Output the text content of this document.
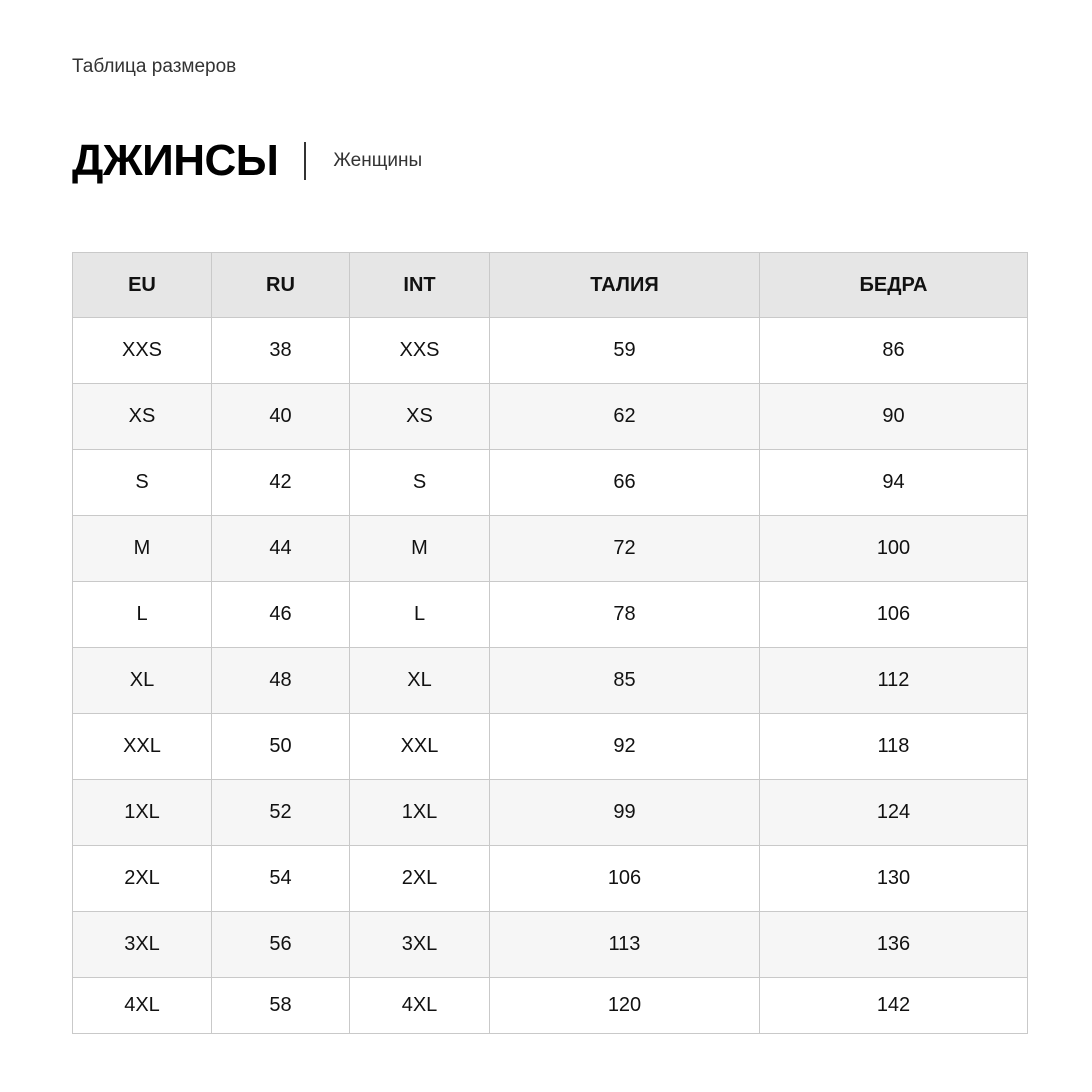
Таблица размеров
ДЖИНСЫ	Женщины
EU	RU	INT	ТАЛИЯ	БЕДРА
XXS	38	XXS	59	86
XS	40	XS	62	90
S	42	S	66	94
M	44	M	72	100
L	46	L	78	106
XL	48	XL	85	112
XXL	50	XXL	92	118
1XL	52	1XL	99	124
2XL	54	2XL	106	130
3XL	56	3XL	113	136
4XL	58	4XL	120	142
